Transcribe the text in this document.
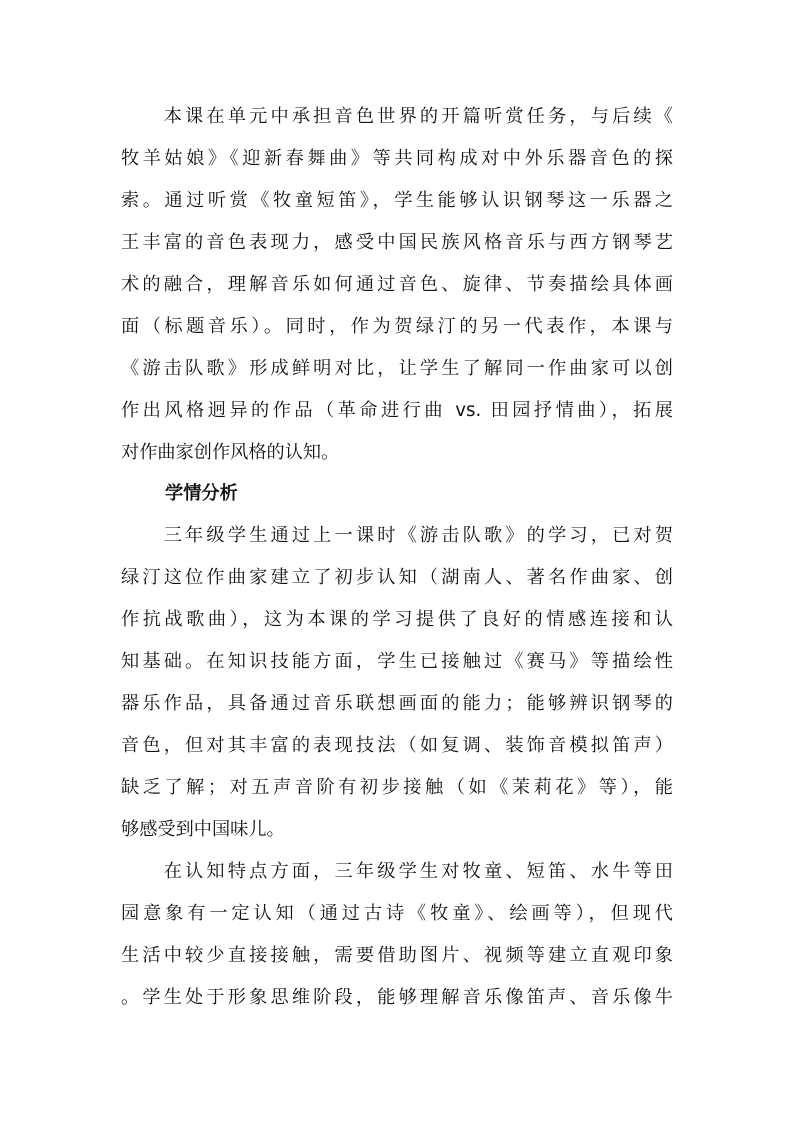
　　本课在单元中承担音色世界的开篇听赏任务，与后续《
牧羊姑娘》《迎新春舞曲》等共同构成对中外乐器音色的探
索。通过听赏《牧童短笛》，学生能够认识钢琴这一乐器之
王丰富的音色表现力，感受中国民族风格音乐与西方钢琴艺
术的融合，理解音乐如何通过音色、旋律、节奏描绘具体画
面（标题音乐）。同时，作为贺绿汀的另一代表作，本课与
《游击队歌》形成鲜明对比，让学生了解同一作曲家可以创
作出风格迥异的作品（革命进行曲 vs. 田园抒情曲），拓展
对作曲家创作风格的认知。
学情分析
　　三年级学生通过上一课时《游击队歌》的学习，已对贺
绿汀这位作曲家建立了初步认知（湖南人、著名作曲家、创
作抗战歌曲），这为本课的学习提供了良好的情感连接和认
知基础。在知识技能方面，学生已接触过《赛马》等描绘性
器乐作品，具备通过音乐联想画面的能力；能够辨识钢琴的
音色，但对其丰富的表现技法（如复调、装饰音模拟笛声）
缺乏了解；对五声音阶有初步接触（如《茉莉花》等），能
够感受到中国味儿。
　　在认知特点方面，三年级学生对牧童、短笛、水牛等田
园意象有一定认知（通过古诗《牧童》、绘画等），但现代
生活中较少直接接触，需要借助图片、视频等建立直观印象
。学生处于形象思维阶段，能够理解音乐像笛声、音乐像牛
